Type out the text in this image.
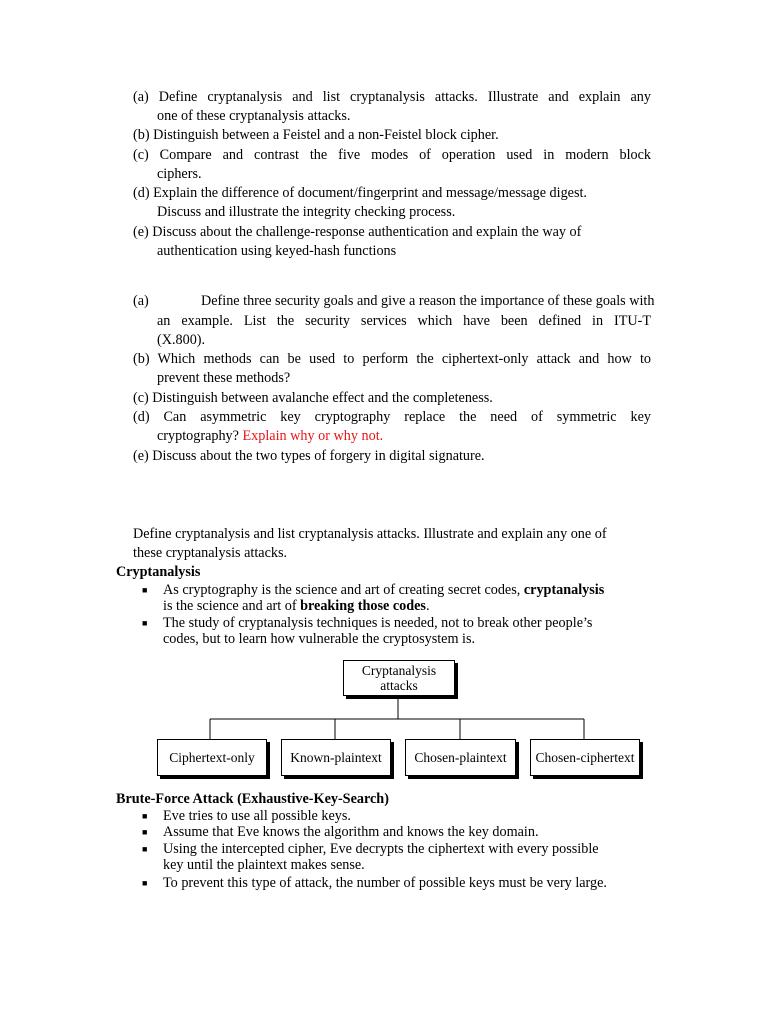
(a) Define cryptanalysis and list cryptanalysis attacks. Illustrate and explain any
one of these cryptanalysis attacks.
(b) Distinguish between a Feistel and a non-Feistel block cipher.
(c) Compare and contrast the five modes of operation used in modern block
ciphers.
(d) Explain the difference of document/fingerprint and message/message digest.
Discuss and illustrate the integrity checking process.
(e) Discuss about the challenge-response authentication and explain the way of
authentication using keyed-hash functions
(a)	Define three security goals and give a reason the importance of these goals with
an example. List the security services which have been defined in ITU-T
(X.800).
(b) Which methods can be used to perform the ciphertext-only attack and how to
prevent these methods?
(c) Distinguish between avalanche effect and the completeness.
(d) Can asymmetric key cryptography replace the need of symmetric key
cryptography? Explain why or why not.
(e) Discuss about the two types of forgery in digital signature.
Define cryptanalysis and list cryptanalysis attacks. Illustrate and explain any one of
these cryptanalysis attacks.
Cryptanalysis
■ As cryptography is the science and art of creating secret codes, cryptanalysis
is the science and art of breaking those codes.
■ The study of cryptanalysis techniques is needed, not to break other people’s
codes, but to learn how vulnerable the cryptosystem is.
Cryptanalysis attacks
Ciphertext-only	Known-plaintext	Chosen-plaintext	Chosen-ciphertext
Brute-Force Attack (Exhaustive-Key-Search)
■ Eve tries to use all possible keys.
■ Assume that Eve knows the algorithm and knows the key domain.
■ Using the intercepted cipher, Eve decrypts the ciphertext with every possible
key until the plaintext makes sense.
■ To prevent this type of attack, the number of possible keys must be very large.
